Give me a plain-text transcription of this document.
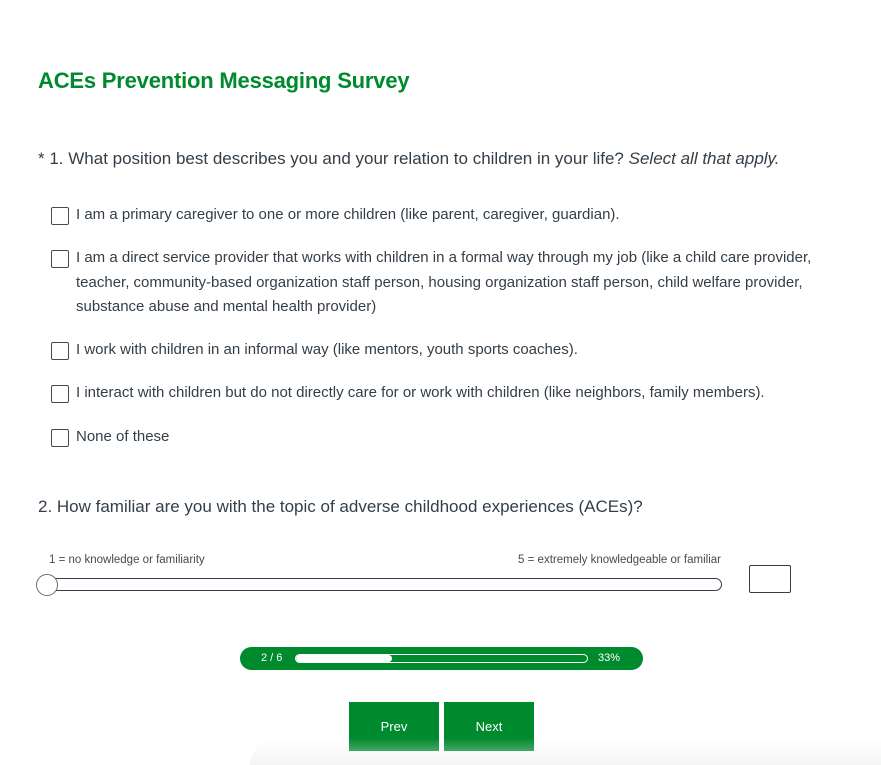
ACEs Prevention Messaging Survey
* 1. What position best describes you and your relation to children in your life? Select all that apply.
I am a primary caregiver to one or more children (like parent, caregiver, guardian).
I am a direct service provider that works with children in a formal way through my job (like a child care provider, teacher, community-based organization staff person, housing organization staff person, child welfare provider, substance abuse and mental health provider)
I work with children in an informal way (like mentors, youth sports coaches).
I interact with children but do not directly care for or work with children (like neighbors, family members).
None of these
2. How familiar are you with the topic of adverse childhood experiences (ACEs)?
1 = no knowledge or familiarity	5 = extremely knowledgeable or familiar
2 / 6	33%
Prev	Next
